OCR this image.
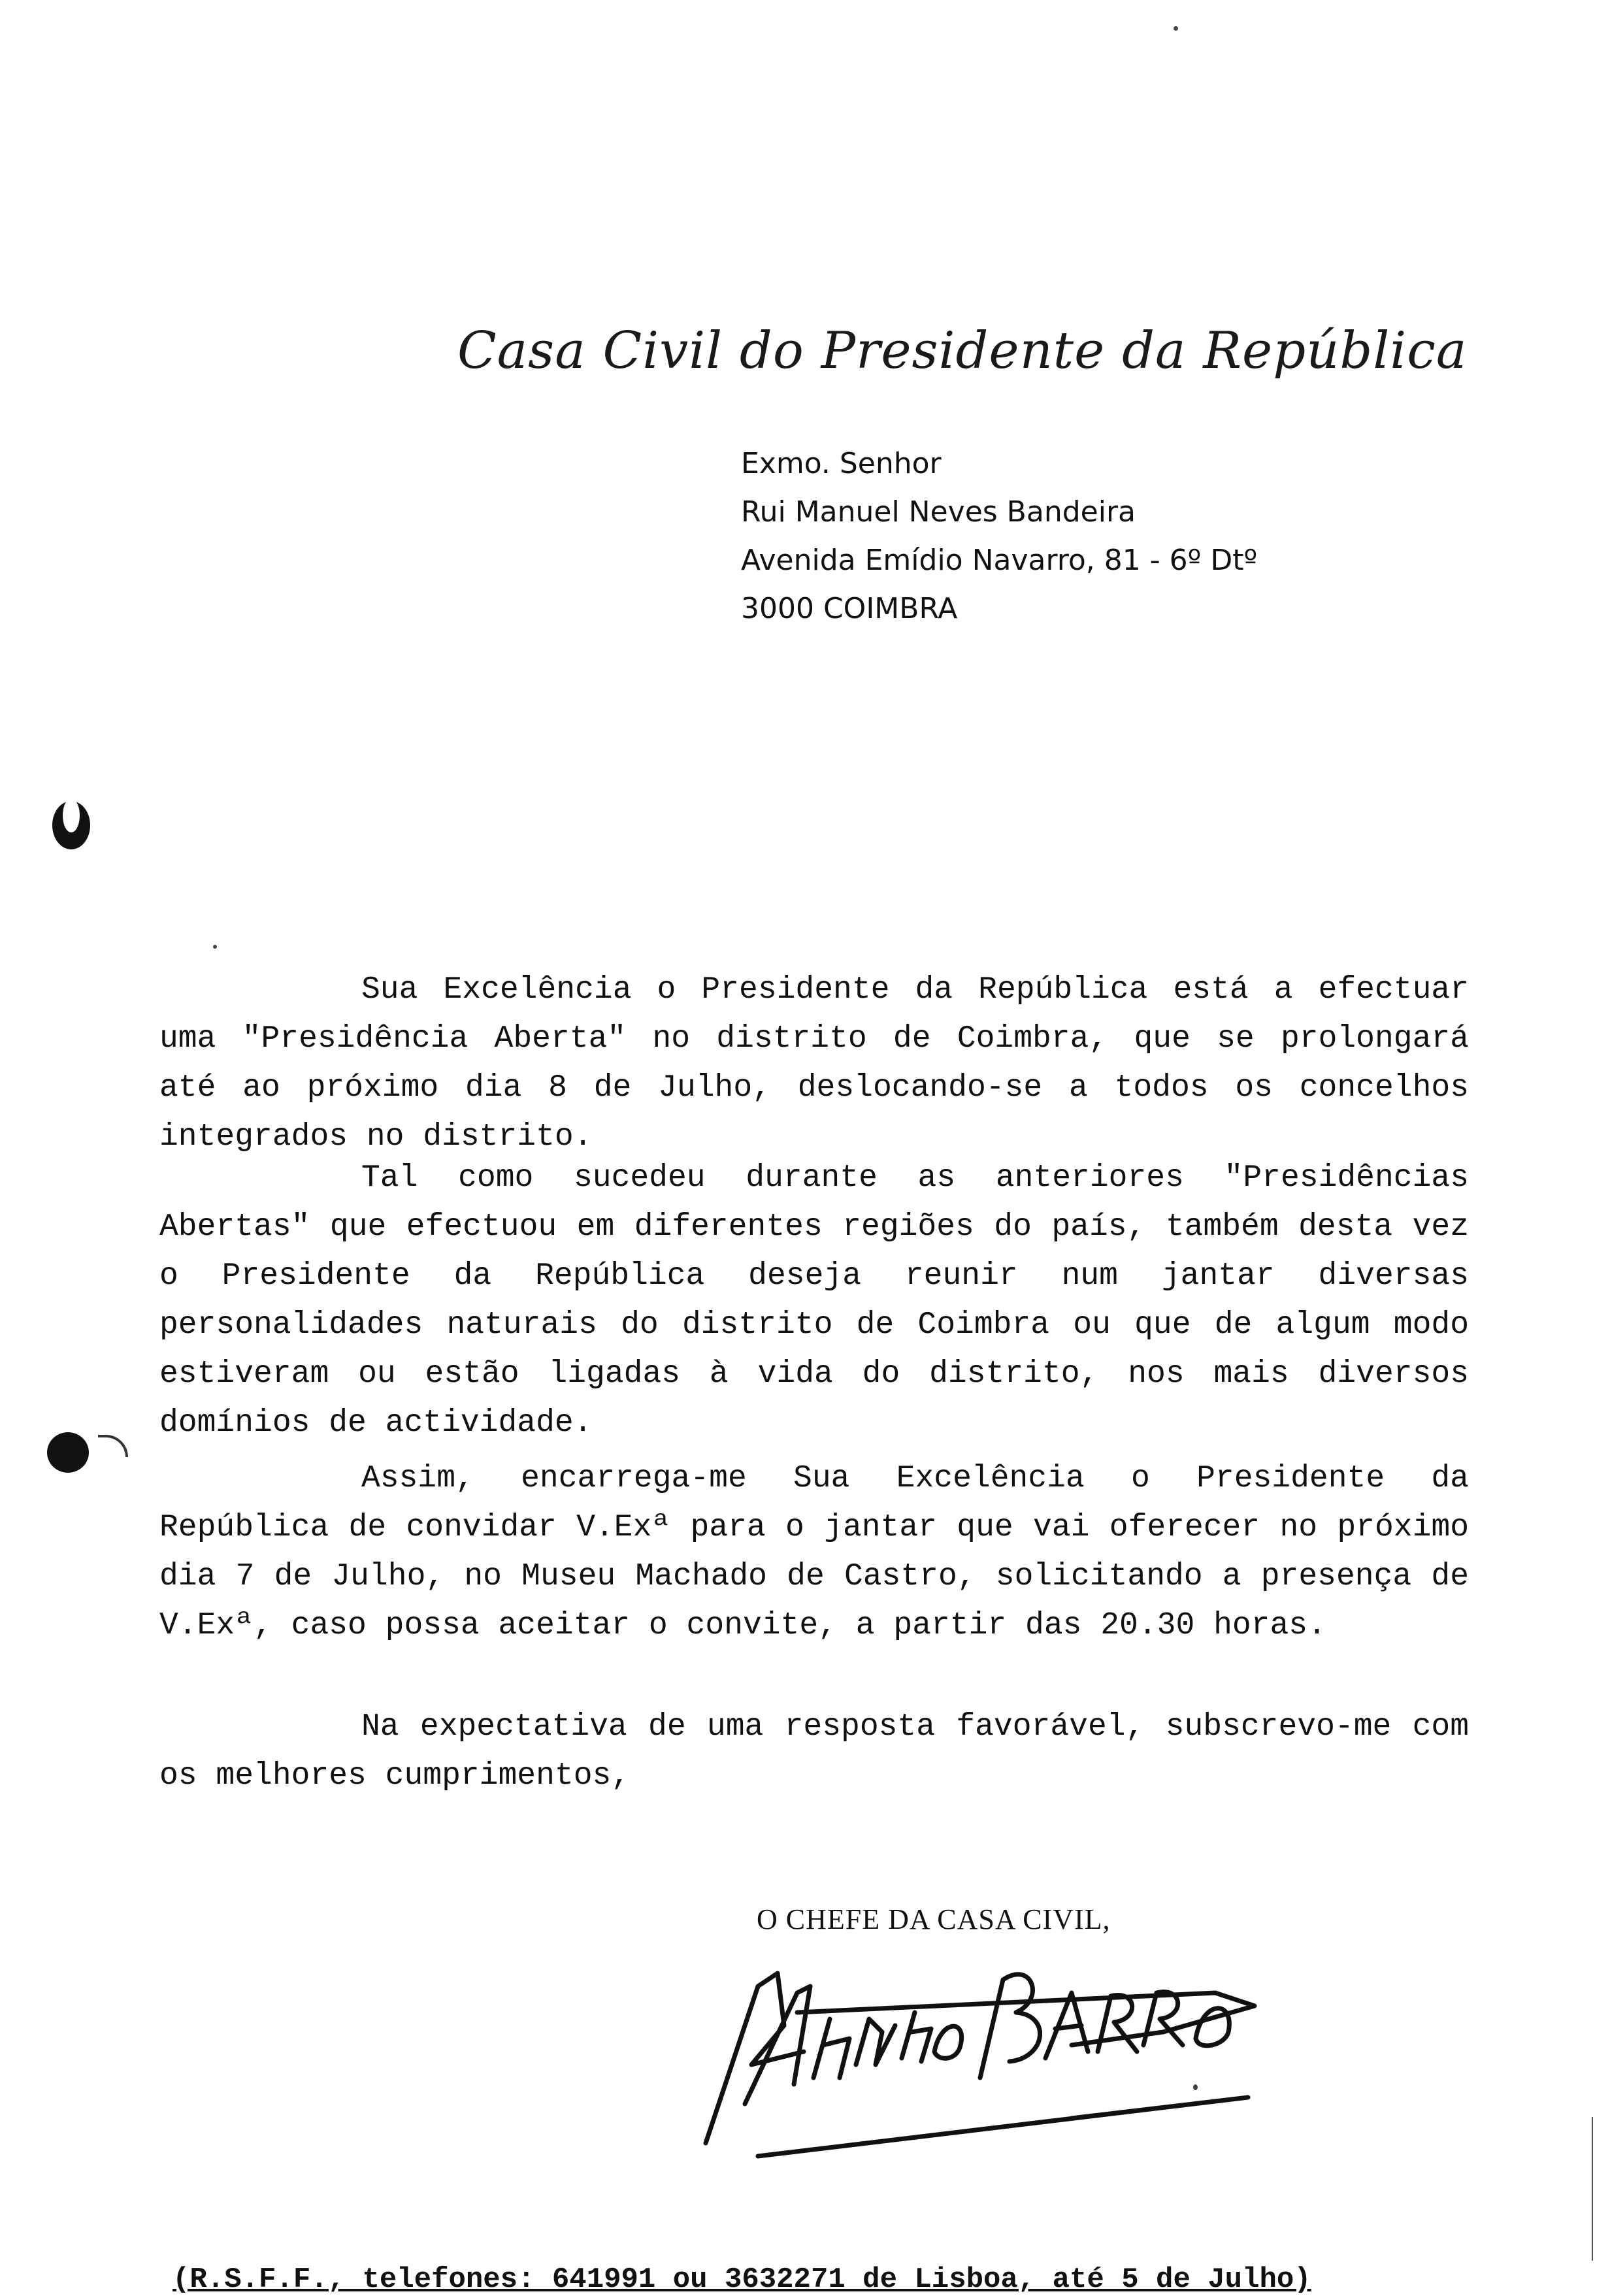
Casa Civil do Presidente da República
Exmo. Senhor
Rui Manuel Neves Bandeira
Avenida Emídio Navarro, 81 - 6º Dtº
3000 COIMBRA
Sua Excelência o Presidente da República está a efectuar uma "Presidência Aberta" no distrito de Coimbra, que se prolongará até ao próximo dia 8 de Julho, deslocando-se a todos os concelhos integrados no distrito.
Tal como sucedeu durante as anteriores "Presidências Abertas" que efectuou em diferentes regiões do país, também desta vez o Presidente da República deseja reunir num jantar diversas personalidades naturais do distrito de Coimbra ou que de algum modo estiveram ou estão ligadas à vida do distrito, nos mais diversos domínios de actividade.
Assim, encarrega-me Sua Excelência o Presidente da República de convidar V.Exª para o jantar que vai oferecer no próximo dia 7 de Julho, no Museu Machado de Castro, solicitando a presença de V.Exª, caso possa aceitar o convite, a partir das 20.30 horas.
Na expectativa de uma resposta favorável, subscrevo-me com os melhores cumprimentos,
O CHEFE DA CASA CIVIL,
(R.S.F.F., telefones: 641991 ou 3632271 de Lisboa, até 5 de Julho)
